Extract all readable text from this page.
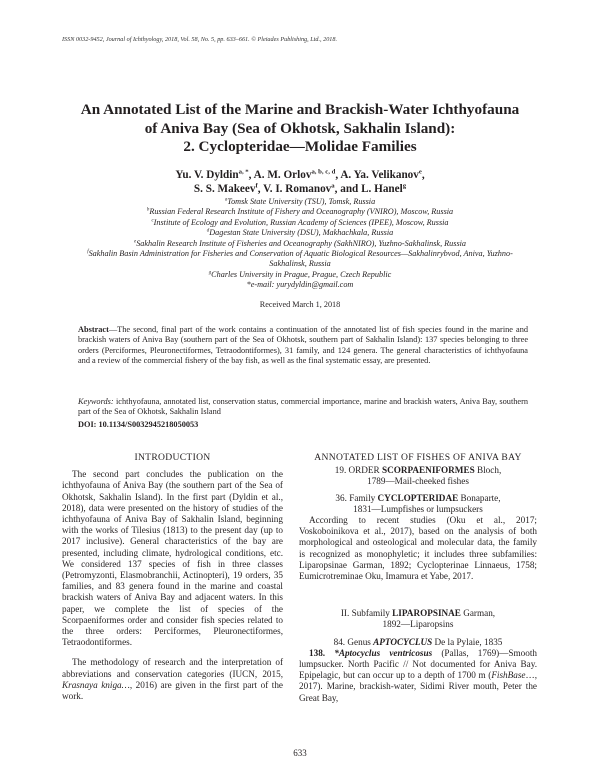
ISSN 0032-9452, Journal of Ichthyology, 2018, Vol. 58, No. 5, pp. 633–661. © Pleiades Publishing, Ltd., 2018.
An Annotated List of the Marine and Brackish-Water Ichthyofauna
of Aniva Bay (Sea of Okhotsk, Sakhalin Island):
2. Cyclopteridae—Molidae Families
Yu. V. Dyldin$^{a, *}$, A. M. Orlov$^{a, b, c, d}$, A. Ya. Velikanov$^e$,
S. S. Makeev$^f$, V. I. Romanov$^a$, and L. Hanel$^g$
$^a$Tomsk State University (TSU), Tomsk, Russia
$^b$Russian Federal Research Institute of Fishery and Oceanography (VNIRO), Moscow, Russia
$^c$Institute of Ecology and Evolution, Russian Academy of Sciences (IPEE), Moscow, Russia
$^d$Dagestan State University (DSU), Makhachkala, Russia
$^e$Sakhalin Research Institute of Fisheries and Oceanography (SakhNIRO), Yuzhno-Sakhalinsk, Russia
$^f$Sakhalin Basin Administration for Fisheries and Conservation of Aquatic Biological Resources—Sakhalinrybvod, Aniva, Yuzhno-Sakhalinsk, Russia
$^g$Charles University in Prague, Prague, Czech Republic
*e-mail: yurydyldin@gmail.com
Received March 1, 2018
Abstract—The second, final part of the work contains a continuation of the annotated list of fish species found in the marine and brackish waters of Aniva Bay (southern part of the Sea of Okhotsk, southern part of Sakhalin Island): 137 species belonging to three orders (Perciformes, Pleuronectiformes, Tetraodontiformes), 31 family, and 124 genera. The general characteristics of ichthyofauna and a review of the commercial fishery of the bay fish, as well as the final systematic essay, are presented.
Keywords: ichthyofauna, annotated list, conservation status, commercial importance, marine and brackish waters, Aniva Bay, southern part of the Sea of Okhotsk, Sakhalin Island
DOI: 10.1134/S0032945218050053
INTRODUCTION

The second part concludes the publication on the ichthyofauna of Aniva Bay (the southern part of the Sea of Okhotsk, Sakhalin Island). In the first part (Dyldin et al., 2018), data were presented on the history of studies of the ichthyofauna of Aniva Bay of Sakhalin Island, beginning with the works of Tilesius (1813) to the present day (up to 2017 inclusive). General characteristics of the bay are presented, including climate, hydrological conditions, etc. We considered 137 species of fish in three classes (Petromyzonti, Elasmobranchii, Actinopteri), 19 orders, 35 families, and 83 genera found in the marine and coastal brackish waters of Aniva Bay and adjacent waters. In this paper, we complete the list of species of the Scorpaeniformes order and consider fish species related to the three orders: Perciformes, Pleuronectiformes, Tetraodontiformes.

The methodology of research and the interpretation of abbreviations and conservation categories (IUCN, 2015, Krasnaya kniga…, 2016) are given in the first part of the work.

ANNOTATED LIST OF FISHES OF ANIVA BAY
19. ORDER SCORPAENIFORMES Bloch,
1789—Mail-cheeked fishes
36. Family CYCLOPTERIDAE Bonaparte,
1831—Lumpfishes or lumpsuckers

According to recent studies (Oku et al., 2017; Voskoboinikova et al., 2017), based on the analysis of both morphological and osteological and molecular data, the family is recognized as monophyletic; it includes three subfamilies: Liparopsinae Garman, 1892; Cyclopterinae Linnaeus, 1758; Eumicrotreminae Oku, Imamura et Yabe, 2017.

II. Subfamily LIPAROPSINAE Garman,
1892—Liparopsins
84. Genus APTOCYCLUS De la Pylaie, 1835

138. *Aptocyclus ventricosus (Pallas, 1769)—Smooth lumpsucker. North Pacific // Not documented for Aniva Bay. Epipelagic, but can occur up to a depth of 1700 m (FishBase…, 2017). Marine, brackish-water, Sidimi River mouth, Peter the Great Bay,

633
